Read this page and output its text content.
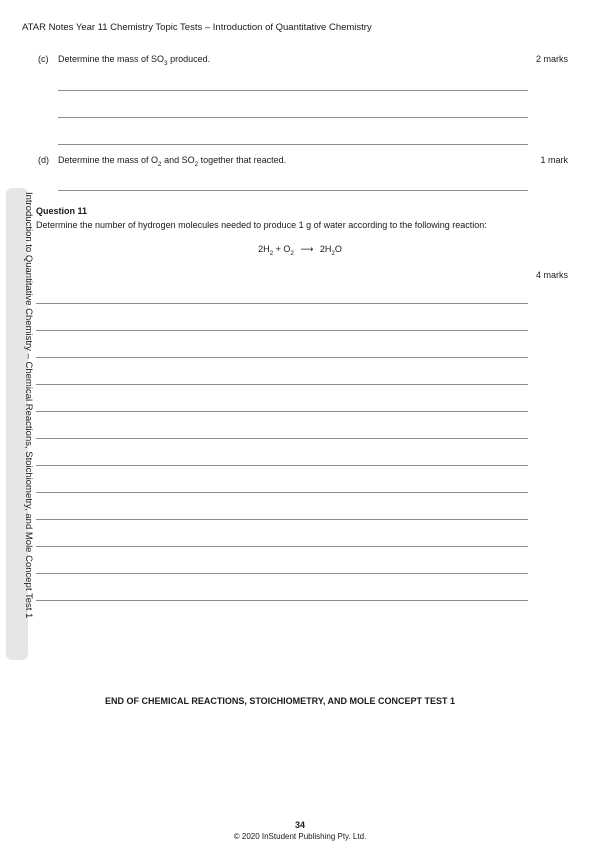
ATAR Notes Year 11 Chemistry Topic Tests – Introduction of Quantitative Chemistry
Introduction to Quantitative Chemistry – Chemical Reactions, Stoichiometry, and Mole Concept Test 1
(c) Determine the mass of $SO_3$ produced.	2 marks
(d) Determine the mass of $O_2$ and $SO_2$ together that reacted.	1 mark
Question 11
Determine the number of hydrogen molecules needed to produce 1 g of water according to the following reaction:
$2H_2 + O_2$ ⟶ $2H_2O$
4 marks
END OF CHEMICAL REACTIONS, STOICHIOMETRY, AND MOLE CONCEPT TEST 1
34
© 2020 InStudent Publishing Pty. Ltd.
